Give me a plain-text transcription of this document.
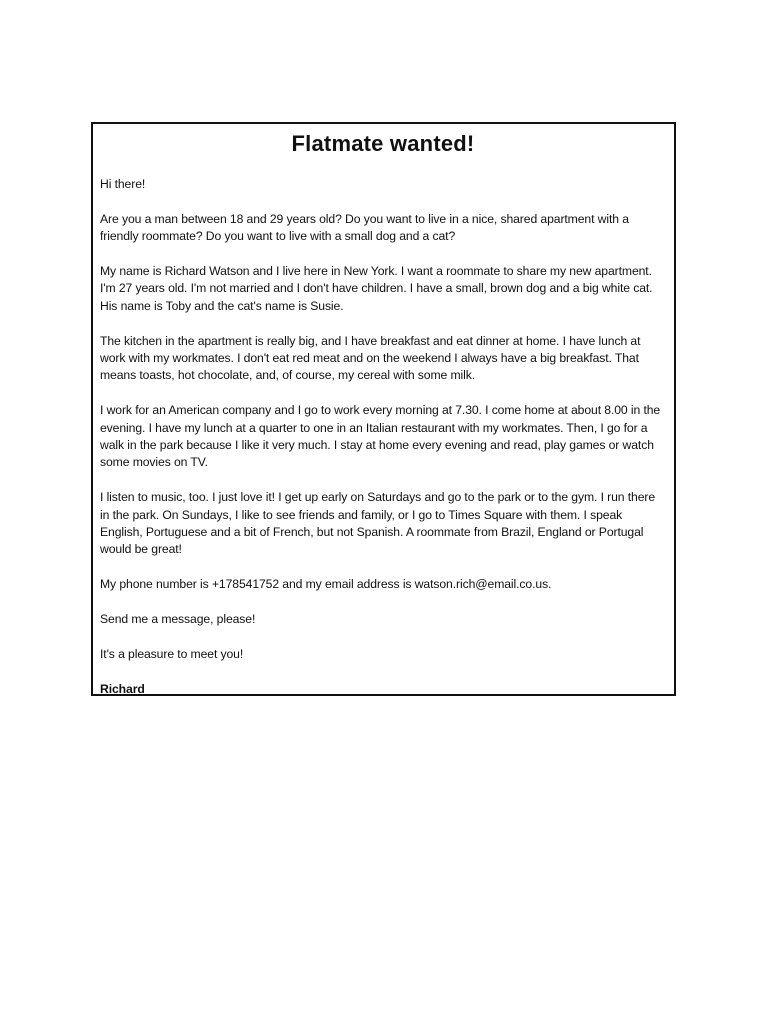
Flatmate wanted!

Hi there!

Are you a man between 18 and 29 years old? Do you want to live in a nice, shared apartment with a friendly roommate? Do you want to live with a small dog and a cat?

My name is Richard Watson and I live here in New York. I want a roommate to share my new apartment. I'm 27 years old. I'm not married and I don't have children. I have a small, brown dog and a big white cat. His name is Toby and the cat's name is Susie.

The kitchen in the apartment is really big, and I have breakfast and eat dinner at home. I have lunch at work with my workmates. I don't eat red meat and on the weekend I always have a big breakfast. That means toasts, hot chocolate, and, of course, my cereal with some milk.

I work for an American company and I go to work every morning at 7.30. I come home at about 8.00 in the evening. I have my lunch at a quarter to one in an Italian restaurant with my workmates. Then, I go for a walk in the park because I like it very much. I stay at home every evening and read, play games or watch some movies on TV.

I listen to music, too. I just love it! I get up early on Saturdays and go to the park or to the gym. I run there in the park. On Sundays, I like to see friends and family, or I go to Times Square with them. I speak English, Portuguese and a bit of French, but not Spanish. A roommate from Brazil, England or Portugal would be great!

My phone number is +178541752 and my email address is watson.rich@email.co.us.

Send me a message, please!

It's a pleasure to meet you!

Richard
